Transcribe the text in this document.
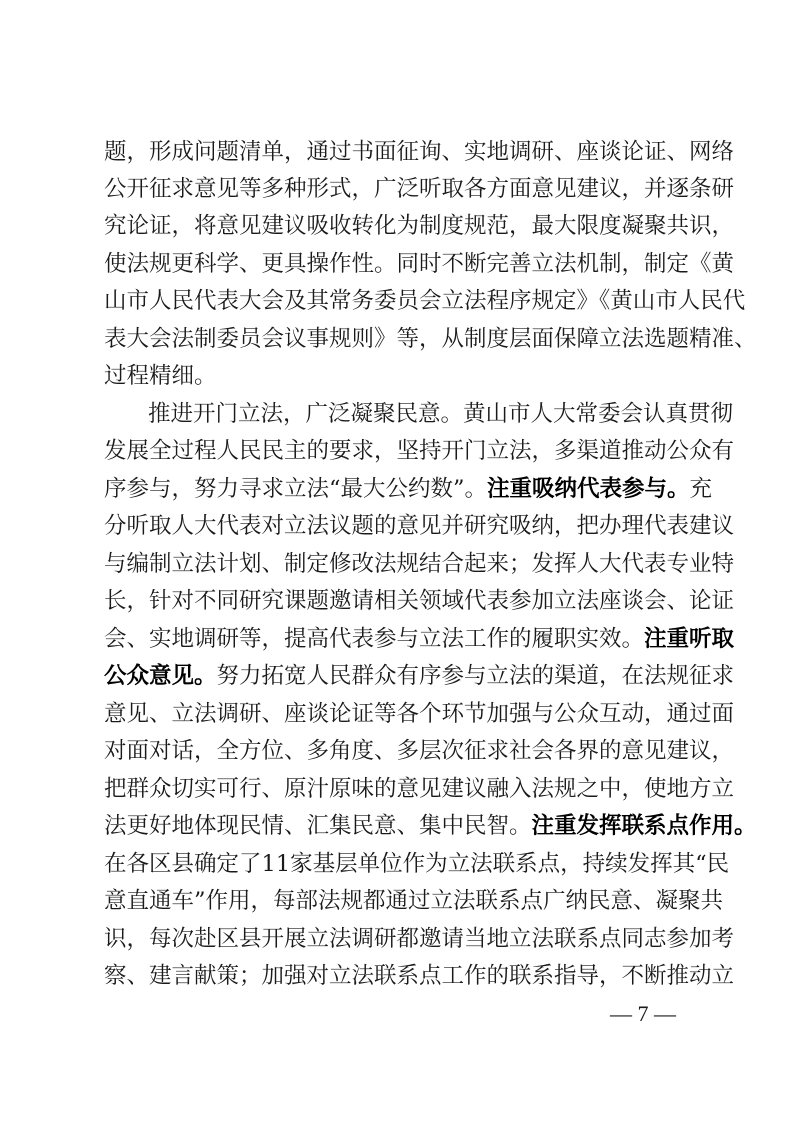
题，形成问题清单，通过书面征询、实地调研、座谈论证、网络
公开征求意见等多种形式，广泛听取各方面意见建议，并逐条研
究论证，将意见建议吸收转化为制度规范，最大限度凝聚共识，
使法规更科学、更具操作性。同时不断完善立法机制，制定《黄
山市人民代表大会及其常务委员会立法程序规定》《黄山市人民代
表大会法制委员会议事规则》等，从制度层面保障立法选题精准、
过程精细。
推进开门立法，广泛凝聚民意。黄山市人大常委会认真贯彻
发展全过程人民民主的要求，坚持开门立法，多渠道推动公众有
序参与，努力寻求立法“最大公约数”。注重吸纳代表参与。充
分听取人大代表对立法议题的意见并研究吸纳，把办理代表建议
与编制立法计划、制定修改法规结合起来；发挥人大代表专业特
长，针对不同研究课题邀请相关领域代表参加立法座谈会、论证
会、实地调研等，提高代表参与立法工作的履职实效。注重听取
公众意见。努力拓宽人民群众有序参与立法的渠道，在法规征求
意见、立法调研、座谈论证等各个环节加强与公众互动，通过面
对面对话，全方位、多角度、多层次征求社会各界的意见建议，
把群众切实可行、原汁原味的意见建议融入法规之中，使地方立
法更好地体现民情、汇集民意、集中民智。注重发挥联系点作用。
在各区县确定了11家基层单位作为立法联系点，持续发挥其“民
意直通车”作用，每部法规都通过立法联系点广纳民意、凝聚共
识，每次赴区县开展立法调研都邀请当地立法联系点同志参加考
察、建言献策；加强对立法联系点工作的联系指导，不断推动立
— 7 —
